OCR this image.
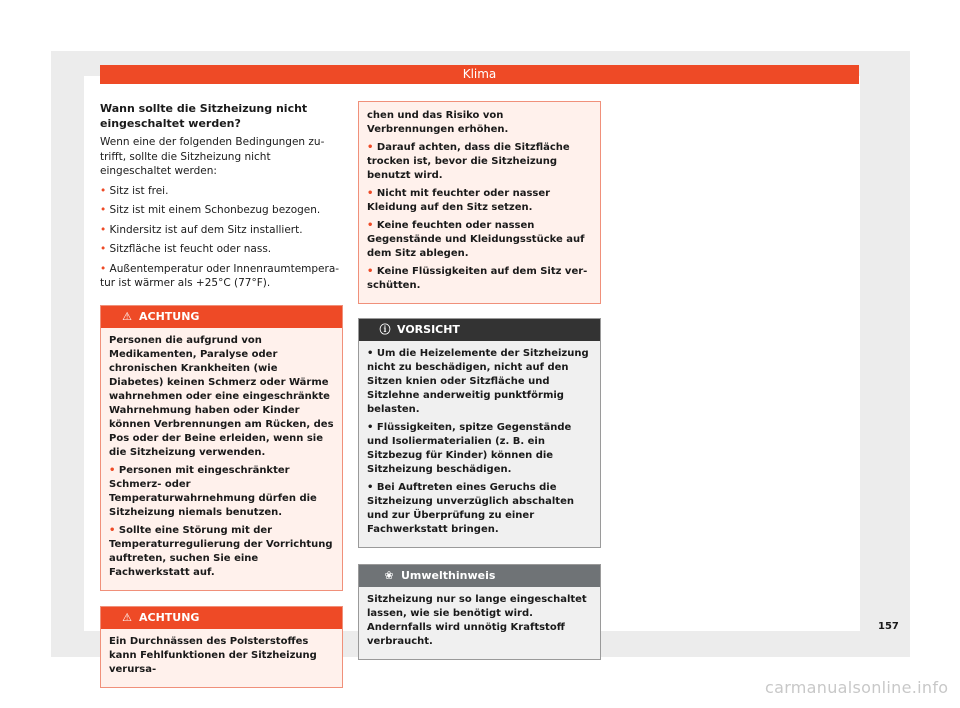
Klima
Wann sollte die Sitzheizung nicht eingeschaltet werden?
Wenn eine der folgenden Bedingungen zutrifft, sollte die Sitzheizung nicht eingeschaltet werden:
• Sitz ist frei.
• Sitz ist mit einem Schonbezug bezogen.
• Kindersitz ist auf dem Sitz installiert.
• Sitzfläche ist feucht oder nass.
• Außentemperatur oder Innenraumtemperatur ist wärmer als +25°C (77°F).
⚠ ACHTUNG

Personen die aufgrund von Medikamenten, Paralyse oder chronischen Krankheiten (wie Diabetes) keinen Schmerz oder Wärme wahrnehmen oder eine eingeschränkte Wahrnehmung haben oder Kinder können Verbrennungen am Rücken, des Pos oder der Beine erleiden, wenn sie die Sitzheizung verwenden.

• Personen mit eingeschränkter Schmerz- oder Temperaturwahrnehmung dürfen die Sitzheizung niemals benutzen.

• Sollte eine Störung mit der Temperaturregulierung der Vorrichtung auftreten, suchen Sie eine Fachwerkstatt auf.

⚠ ACHTUNG

Ein Durchnässen des Polsterstoffes kann Fehlfunktionen der Sitzheizung verursa-

chen und das Risiko von Verbrennungen erhöhen.

• Darauf achten, dass die Sitzfläche trocken ist, bevor die Sitzheizung benutzt wird.

• Nicht mit feuchter oder nasser Kleidung auf den Sitz setzen.

• Keine feuchten oder nassen Gegenstände und Kleidungsstücke auf dem Sitz ablegen.

• Keine Flüssigkeiten auf dem Sitz verschütten.

ⓘ VORSICHT

• Um die Heizelemente der Sitzheizung nicht zu beschädigen, nicht auf den Sitzen knien oder Sitzfläche und Sitzlehne anderweitig punktförmig belasten.

• Flüssigkeiten, spitze Gegenstände und Isoliermaterialien (z. B. ein Sitzbezug für Kinder) können die Sitzheizung beschädigen.

• Bei Auftreten eines Geruchs die Sitzheizung unverzüglich abschalten und zur Überprüfung zu einer Fachwerkstatt bringen.

❀ Umwelthinweis

Sitzheizung nur so lange eingeschaltet lassen, wie sie benötigt wird. Andernfalls wird unnötig Kraftstoff verbraucht.

157
carmanualsonline.info
